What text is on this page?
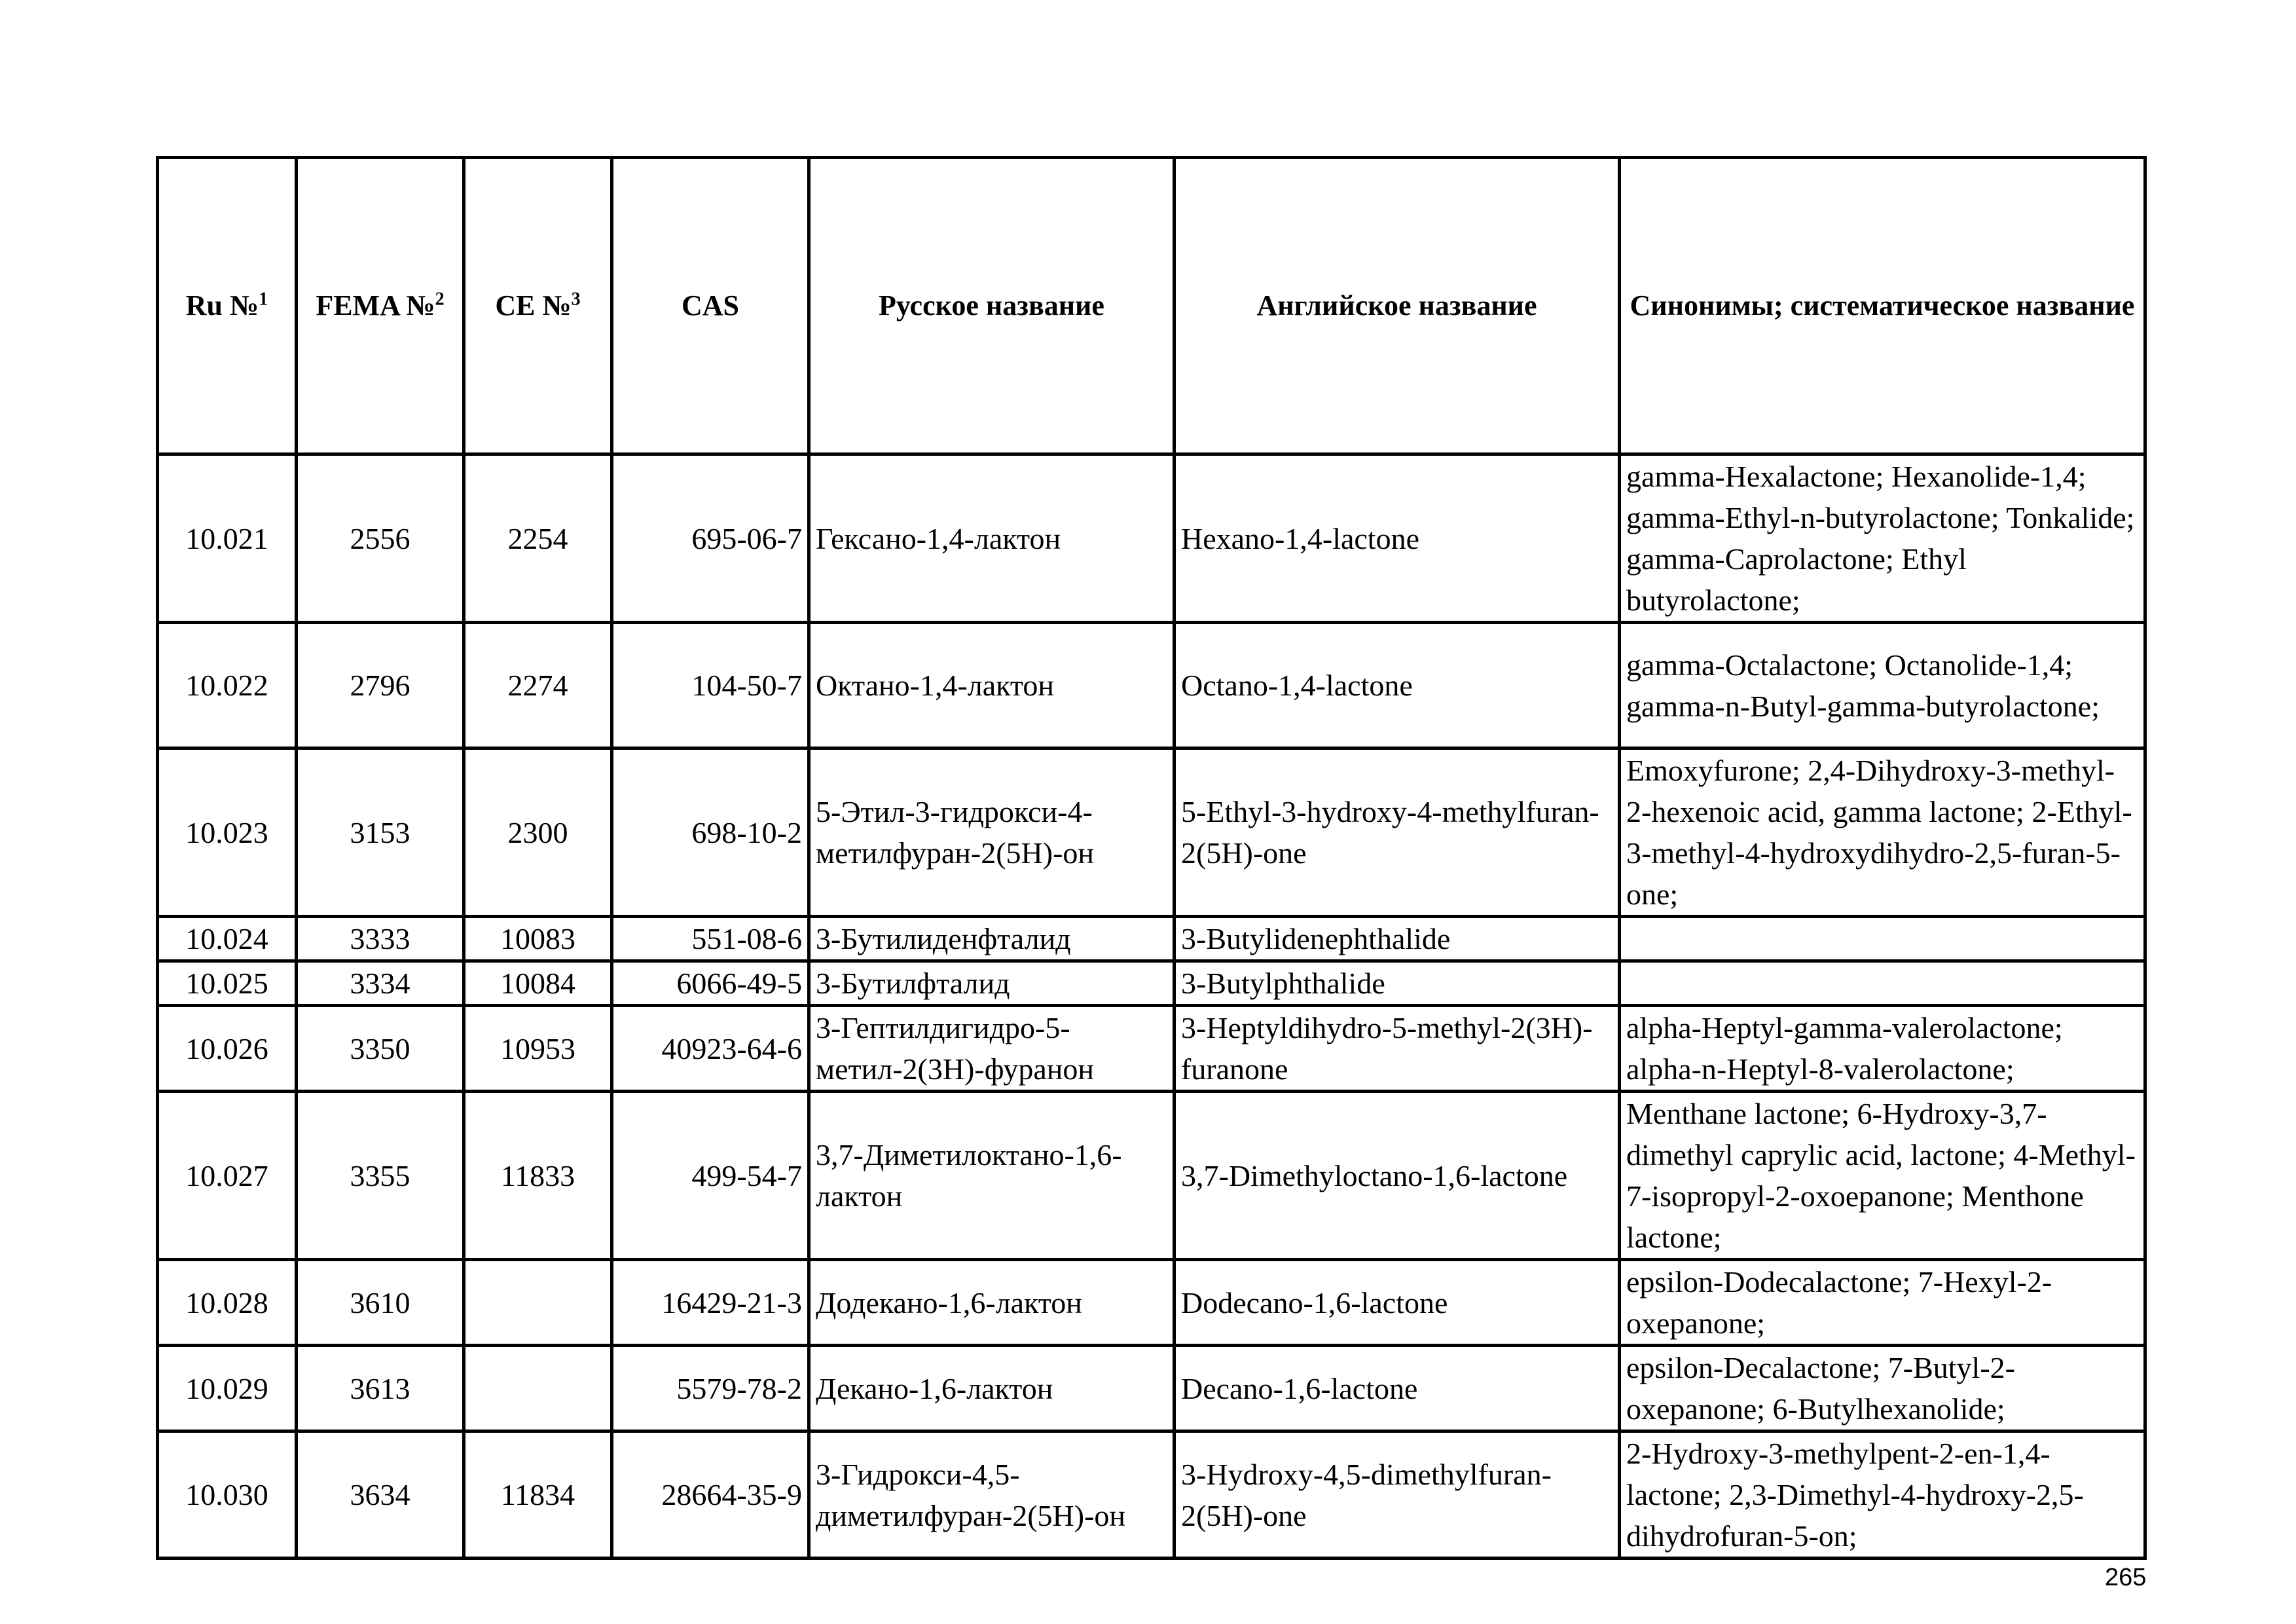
Ru №$^1$	FEMA №$^2$	CE №$^3$	CAS	Русское название	Английское название	Синонимы; систематическое название
10.021	2556	2254	695-06-7	Гексано-1,4-лактон	Hexano-1,4-lactone	gamma-Hexalactone; Hexanolide-1,4; gamma-Ethyl-n-butyrolactone; Tonkalide; gamma-Caprolactone; Ethyl butyrolactone;
10.022	2796	2274	104-50-7	Октано-1,4-лактон	Octano-1,4-lactone	gamma-Octalactone; Octanolide-1,4; gamma-n-Butyl-gamma-butyrolactone;
10.023	3153	2300	698-10-2	5-Этил-3-гидрокси-4-метилфуран-2(5H)-он	5-Ethyl-3-hydroxy-4-methylfuran-2(5H)-one	Emoxyfurone; 2,4-Dihydroxy-3-methyl-2-hexenoic acid, gamma lactone; 2-Ethyl-3-methyl-4-hydroxydihydro-2,5-furan-5-one;
10.024	3333	10083	551-08-6	3-Бутилиденфталид	3-Butylidenephthalide	
10.025	3334	10084	6066-49-5	3-Бутилфталид	3-Butylphthalide	
10.026	3350	10953	40923-64-6	3-Гептилдигидро-5-метил-2(3H)-фуранон	3-Heptyldihydro-5-methyl-2(3H)-furanone	alpha-Heptyl-gamma-valerolactone; alpha-n-Heptyl-8-valerolactone;
10.027	3355	11833	499-54-7	3,7-Диметилоктано-1,6-лактон	3,7-Dimethyloctano-1,6-lactone	Menthane lactone; 6-Hydroxy-3,7-dimethyl caprylic acid, lactone; 4-Methyl-7-isopropyl-2-oxoepanone; Menthone lactone;
10.028	3610		16429-21-3	Додекано-1,6-лактон	Dodecano-1,6-lactone	epsilon-Dodecalactone; 7-Hexyl-2-oxepanone;
10.029	3613		5579-78-2	Декано-1,6-лактон	Decano-1,6-lactone	epsilon-Decalactone; 7-Butyl-2-oxepanone; 6-Butylhexanolide;
10.030	3634	11834	28664-35-9	3-Гидрокси-4,5-диметилфуран-2(5H)-он	3-Hydroxy-4,5-dimethylfuran-2(5H)-one	2-Hydroxy-3-methylpent-2-en-1,4-lactone; 2,3-Dimethyl-4-hydroxy-2,5-dihydrofuran-5-on;
265
